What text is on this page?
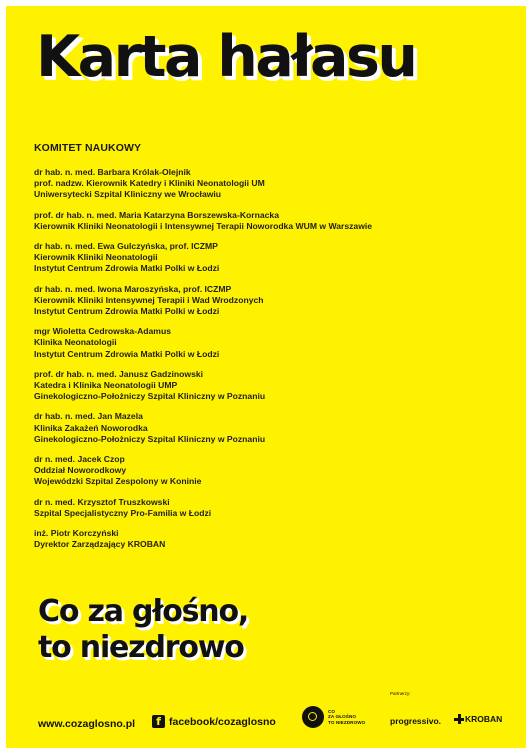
Karta hałasu
KOMITET NAUKOWY
dr hab. n. med. Barbara Królak-Olejnik
prof. nadzw. Kierownik Katedry i Kliniki Neonatologii UM
Uniwersytecki Szpital Kliniczny we Wrocławiu
prof. dr hab. n. med. Maria Katarzyna Borszewska-Kornacka
Kierownik Kliniki Neonatologii i Intensywnej Terapii Noworodka WUM w Warszawie
dr hab. n. med. Ewa Gulczyńska, prof. ICZMP
Kierownik Kliniki Neonatologii
Instytut Centrum Zdrowia Matki Polki w Łodzi
dr hab. n. med. Iwona Maroszyńska, prof. ICZMP
Kierownik Kliniki Intensywnej Terapii i Wad Wrodzonych
Instytut Centrum Zdrowia Matki Polki w Łodzi
mgr Wioletta Cedrowska-Adamus
Klinika Neonatologii
Instytut Centrum Zdrowia Matki Polki w Łodzi
prof. dr hab. n. med. Janusz Gadzinowski
Katedra i Klinika Neonatologii UMP
Ginekologiczno-Położniczy Szpital Kliniczny w Poznaniu
dr hab. n. med. Jan Mazela
Klinika Zakażeń Noworodka
Ginekologiczno-Położniczy Szpital Kliniczny w Poznaniu
dr n. med. Jacek Czop
Oddział Noworodkowy
Wojewódzki Szpital Zespolony w Koninie
dr n. med. Krzysztof Truszkowski
Szpital Specjalistyczny Pro-Familia w Łodzi
inż. Piotr Korczyński
Dyrektor Zarządzający KROBAN
Co za głośno,
to niezdrowo
www.cozaglosno.pl	f facebook/cozaglosno
Partnerzy:
CO
ZA GŁOŚNO
TO NIEZDROWO	progressivo.	KROBAN
